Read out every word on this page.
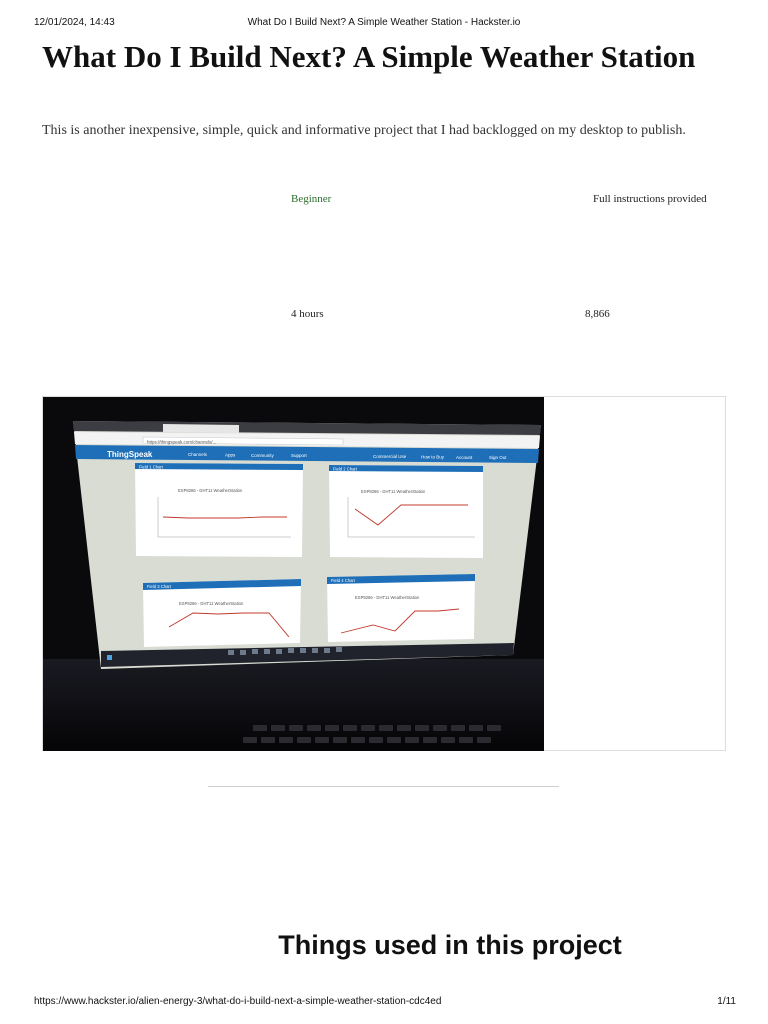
12/01/2024, 14:43	What Do I Build Next? A Simple Weather Station - Hackster.io
What Do I Build Next? A Simple Weather Station
This is another inexpensive, simple, quick and informative project that I had backlogged on my desktop to publish.
Beginner	Full instructions provided
4 hours	8,866
https://thingspeak.com/channels/...
ThingSpeak	Channels	Apps	Community	Support	Commercial Use	How to Buy	Account	Sign Out
Field 1 Chart
ESP8266 - DHT11 WeatherStation
Field 2 Chart
ESP8266 - DHT11 WeatherStation
Field 3 Chart
ESP8266 - DHT11 WeatherStation
Field 4 Chart
ESP8266 - DHT11 WeatherStation
Things used in this project
https://www.hackster.io/alien-energy-3/what-do-i-build-next-a-simple-weather-station-cdc4ed	1/11
